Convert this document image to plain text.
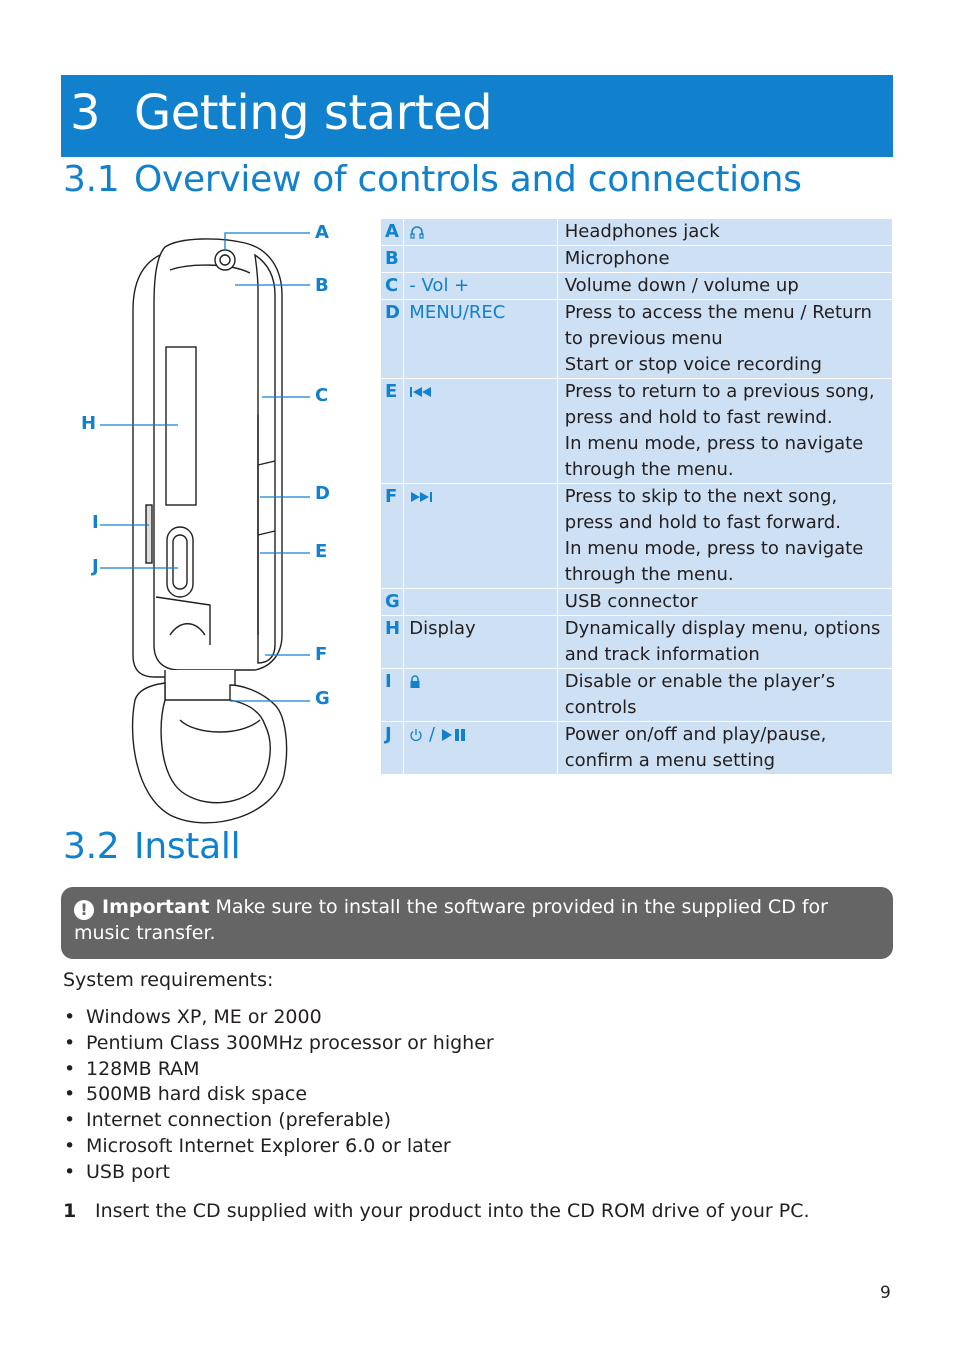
3 Getting started
3.1 Overview of controls and connections
A
B
C
D
E
F
G
H
I
J
A		Headphones jack

B		Microphone

C	- Vol +	Volume down / volume up

D	MENU/REC	Press to access the menu / Return
to previous menu
Start or stop voice recording

E		Press to return to a previous song,
press and hold to fast rewind.
In menu mode, press to navigate
through the menu.

F		Press to skip to the next song,
press and hold to fast forward.
In menu mode, press to navigate
through the menu.

G		USB connector

H	Display	Dynamically display menu, options
and track information

I		Disable or enable the player’s
controls

J	/	Power on/off and play/pause,
confirm a menu setting
3.2 Install
! Important Make sure to install the software provided in the supplied CD for music transfer.
System requirements:
• Windows XP, ME or 2000
• Pentium Class 300MHz processor or higher
• 128MB RAM
• 500MB hard disk space
• Internet connection (preferable)
• Microsoft Internet Explorer 6.0 or later
• USB port
1 Insert the CD supplied with your product into the CD ROM drive of your PC.
9
